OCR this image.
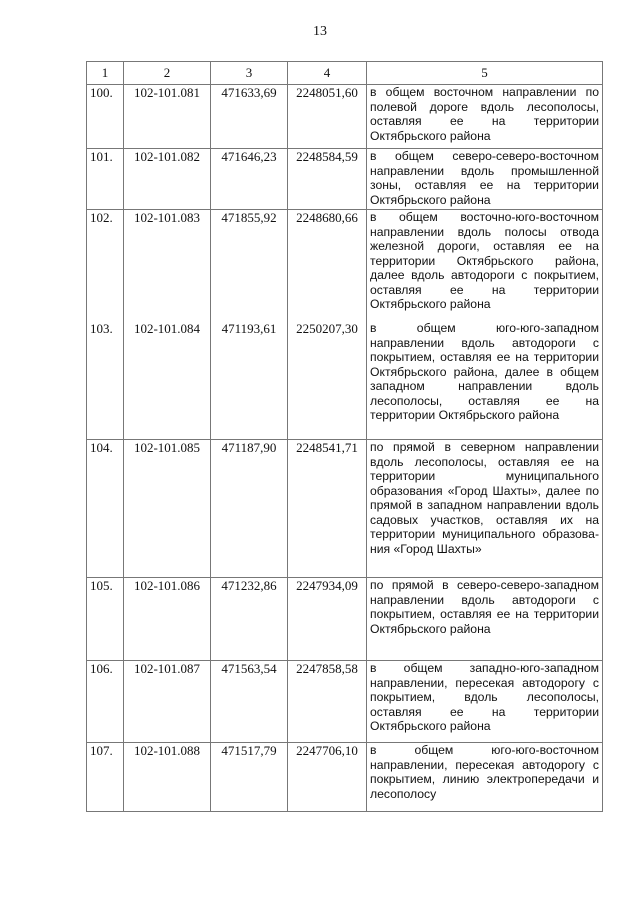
13
1	2	3	4	5
100.	102-101.081	471633,69	2248051,60	в общем восточном направлении по полевой дороге вдоль лесополосы, оставляя ее на территории Октябрьского района
101.	102-101.082	471646,23	2248584,59	в общем северо-северо-восточном направлении вдоль промышленной зоны, оставляя ее на территории Октябрьского района
102.	102-101.083	471855,92	2248680,66	в общем восточно-юго-восточном направлении вдоль полосы отвода железной дороги, оставляя ее на территории Октябрьского района, далее вдоль автодороги с покрытием, оставляя ее на территории Октябрьского района
103.	102-101.084	471193,61	2250207,30	в общем юго-юго-западном направлении вдоль автодороги с покрытием, оставляя ее на территории Октябрьского района, далее в общем западном направлении вдоль лесополосы, оставляя ее на территории Октябрьского района
104.	102-101.085	471187,90	2248541,71	по прямой в северном направлении вдоль лесополосы, оставляя ее на территории муниципального образования «Город Шахты», далее по прямой в западном направлении вдоль садовых участков, оставляя их на территории муниципального образования «Город Шахты»
105.	102-101.086	471232,86	2247934,09	по прямой в северо-северо-западном направлении вдоль автодороги с покрытием, оставляя ее на территории Октябрьского района
106.	102-101.087	471563,54	2247858,58	в общем западно-юго-западном направлении, пересекая автодорогу с покрытием, вдоль лесополосы, оставляя ее на территории Октябрьского района
107.	102-101.088	471517,79	2247706,10	в общем юго-юго-восточном направлении, пересекая автодорогу с покрытием, линию электропередачи и лесополосу
